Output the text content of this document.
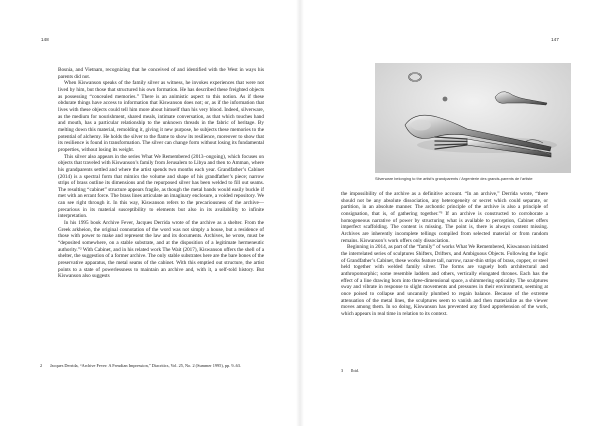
148

Bosnia, and Vietnam, recognizing that he conceived of and identified with the West in ways his parents did not.

When Kiswanson speaks of the family silver as witness, he invokes experiences that were not lived by him, but those that structured his own formation. He has described these freighted objects as possessing “concealed memories.” There is an animistic aspect to this notion. As if these obdurate things have access to information that Kiswanson does not; or, as if the information that lives with these objects could tell him more about himself than his very blood. Indeed, silverware, as the medium for nourishment, shared meals, intimate conversation, as that which touches hand and mouth, has a particular relationship to the unknown threads in the fabric of heritage. By melting down this material, remolding it, giving it new purpose, he subjects these memories to the potential of alchemy. He holds the silver to the flame to show its resilience, moreover to show that its resilience is found in transformation. The silver can change form without losing its fundamental properties, without losing its weight.

This silver also appears in the series What We Remembered (2013–ongoing), which focuses on objects that traveled with Kiswanson’s family from Jerusalem to Libya and then to Amman, where his grandparents settled and where the artist spends two months each year. Grandfather’s Cabinet (2014) is a spectral form that mimics the volume and shape of his grandfather’s piece; narrow strips of brass outline its dimensions and the repurposed silver has been welded to fill out seams. The resulting “cabinet” structure appears fragile, as though the metal bands would easily buckle if met with an errant force. The brass lines articulate an imaginary enclosure, a voided repository. We can see right through it. In this way, Kiswanson refers to the precariousness of the archive—precarious in its material susceptibility to elements but also in its availability to infinite interpretation.

In his 1995 book Archive Fever, Jacques Derrida wrote of the archive as a shelter. From the Greek arkheion, the original connotation of the word was not simply a house, but a residence of those with power to make and represent the law and its documents. Archives, he wrote, must be “deposited somewhere, on a stable substrate, and at the disposition of a legitimate hermeneutic authority.”² With Cabinet, and in his related work The Wait (2017), Kiswanson offers the shell of a shelter, the suggestion of a former archive. The only stable substrates here are the bare bones of the preservative apparatus, the metal seams of the cabinet. With this emptied out structure, the artist points to a state of powerlessness to maintain an archive and, with it, a self-told history. But Kiswanson also suggests

2 Jacques Derrida, “Archive Fever: A Freudian Impression,” Diacritics, Vol. 25, No. 2 (Summer 1995), pp. 9–63.
147
Silverware belonging to the artist’s grandparents / Argenterie des grands-parents de l’artiste

the impossibility of the archive as a definitive account. “In an archive,” Derrida wrote, “there should not be any absolute dissociation, any heterogeneity or secret which could separate, or partition, in an absolute manner. The archontic principle of the archive is also a principle of consignation, that is, of gathering together.”³ If an archive is constructed to corroborate a homogeneous narrative of power by structuring what is available to perception, Cabinet offers imperfect scaffolding. The content is missing. The point is, there is always content missing. Archives are inherently incomplete tellings compiled from selected material or from random remains. Kiswanson’s work offers only dissociation.

Beginning in 2014, as part of the “family” of works What We Remembered, Kiswanson initiated the interrelated series of sculptures Shifters, Drifters, and Ambiguous Objects. Following the logic of Grandfather’s Cabinet, these works feature tall, narrow, razor-thin strips of brass, copper, or steel held together with welded family silver. The forms are vaguely both architectural and anthropomorphic; some resemble ladders and others, vertically elongated thrones. Each has the effect of a line drawing born into three-dimensional space, a shimmering opticality. The sculptures sway and vibrate in response to slight movements and pressures in their environment, seeming at once poised to collapse and uncannily plumbed to regain balance. Because of the extreme attenuation of the metal lines, the sculptures seem to vanish and then materialize as the viewer moves among them. In so doing, Kiswanson has prevented any fixed apprehension of the work, which appears in real time in relation to its context.

3 Ibid.
